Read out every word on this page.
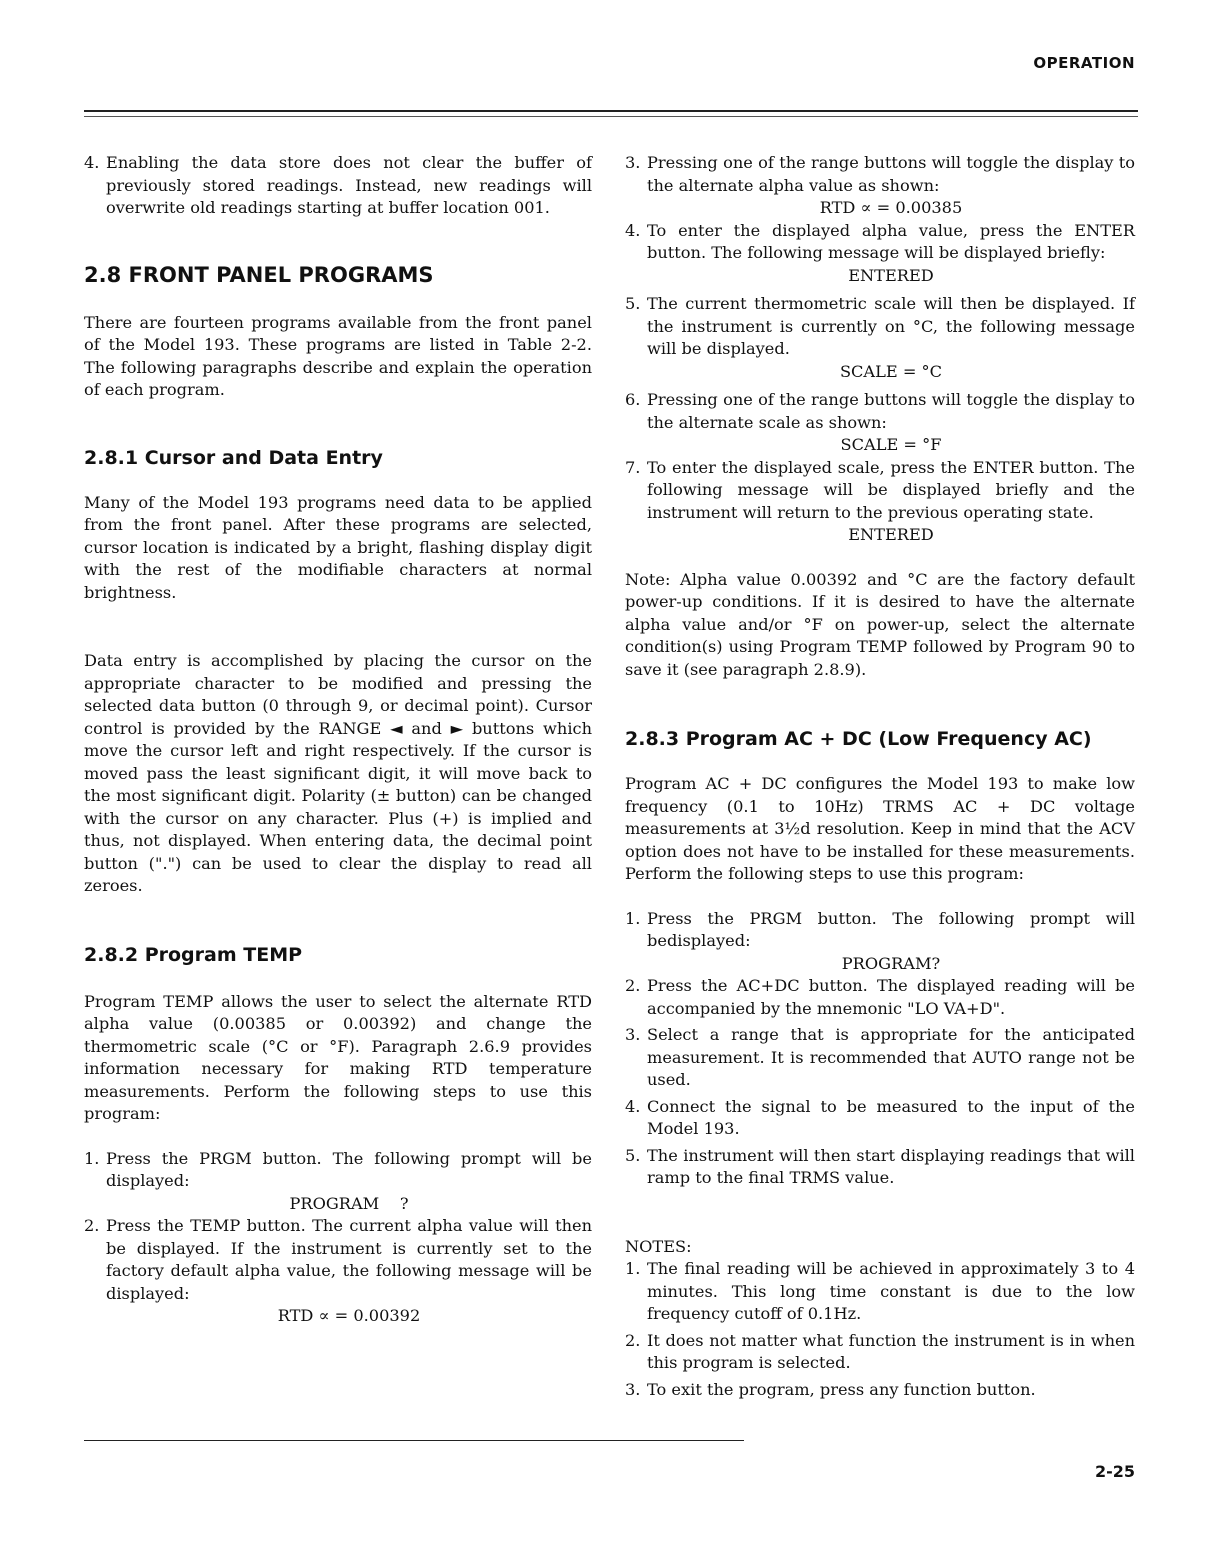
OPERATION
4. Enabling the data store does not clear the buffer of previously stored readings. Instead, new readings will overwrite old readings starting at buffer location 001.
2.8 FRONT PANEL PROGRAMS

There are fourteen programs available from the front panel of the Model 193. These programs are listed in Table 2-2. The following paragraphs describe and explain the operation of each program.

2.8.1 Cursor and Data Entry

Many of the Model 193 programs need data to be applied from the front panel. After these programs are selected, cursor location is indicated by a bright, flashing display digit with the rest of the modifiable characters at normal brightness.

Data entry is accomplished by placing the cursor on the appropriate character to be modified and pressing the selected data button (0 through 9, or decimal point). Cursor control is provided by the RANGE ◄ and ► buttons which move the cursor left and right respectively. If the cursor is moved pass the least significant digit, it will move back to the most significant digit. Polarity (± button) can be changed with the cursor on any character. Plus (+) is implied and thus, not displayed. When entering data, the decimal point button (".") can be used to clear the display to read all zeroes.

2.8.2 Program TEMP

Program TEMP allows the user to select the alternate RTD alpha value (0.00385 or 0.00392) and change the thermometric scale (°C or °F). Paragraph 2.6.9 provides information necessary for making RTD temperature measurements. Perform the following steps to use this program:

1. Press the PRGM button. The following prompt will be displayed:
PROGRAM    ?
2. Press the TEMP button. The current alpha value will then be displayed. If the instrument is currently set to the factory default alpha value, the following message will be displayed:
RTD ∝ = 0.00392
3. Pressing one of the range buttons will toggle the display to the alternate alpha value as shown:
RTD ∝ = 0.00385
4. To enter the displayed alpha value, press the ENTER button. The following message will be displayed briefly:
ENTERED
5. The current thermometric scale will then be displayed. If the instrument is currently on °C, the following message will be displayed.
SCALE = °C
6. Pressing one of the range buttons will toggle the display to the alternate scale as shown:
SCALE = °F
7. To enter the displayed scale, press the ENTER button. The following message will be displayed briefly and the instrument will return to the previous operating state.
ENTERED

Note: Alpha value 0.00392 and °C are the factory default power-up conditions. If it is desired to have the alternate alpha value and/or °F on power-up, select the alternate condition(s) using Program TEMP followed by Program 90 to save it (see paragraph 2.8.9).

2.8.3 Program AC + DC (Low Frequency AC)

Program AC + DC configures the Model 193 to make low frequency (0.1 to 10Hz) TRMS AC + DC voltage measurements at 3½d resolution. Keep in mind that the ACV option does not have to be installed for these measurements. Perform the following steps to use this program:

1. Press the PRGM button. The following prompt will bedisplayed:
PROGRAM?
2. Press the AC+DC button. The displayed reading will be accompanied by the mnemonic "LO VA+D".
3. Select a range that is appropriate for the anticipated measurement. It is recommended that AUTO range not be used.
4. Connect the signal to be measured to the input of the Model 193.
5. The instrument will then start displaying readings that will ramp to the final TRMS value.

NOTES:

1. The final reading will be achieved in approximately 3 to 4 minutes. This long time constant is due to the low frequency cutoff of 0.1Hz.
2. It does not matter what function the instrument is in when this program is selected.
3. To exit the program, press any function button.
2-25
